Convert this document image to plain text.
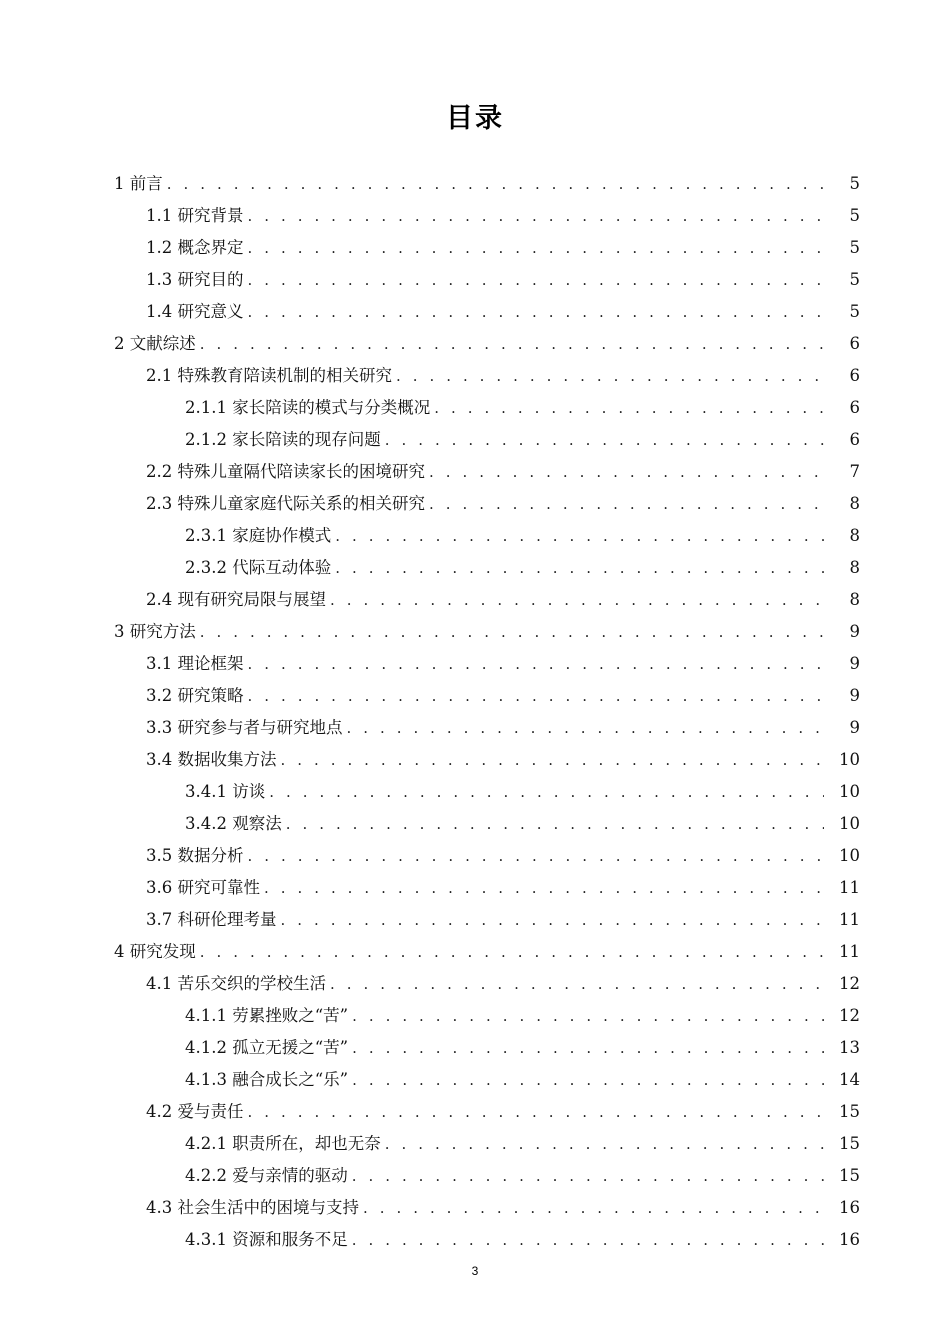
目录
1 前言 . . .	5
1.1 研究背景 . . .	5
1.2 概念界定 . . .	5
1.3 研究目的 . . .	5
1.4 研究意义 . . .	5
2 文献综述 . . .	6
2.1 特殊教育陪读机制的相关研究 . . .	6
2.1.1 家长陪读的模式与分类概况 . . .	6
2.1.2 家长陪读的现存问题 . . .	6
2.2 特殊儿童隔代陪读家长的困境研究 . . .	7
2.3 特殊儿童家庭代际关系的相关研究 . . .	8
2.3.1 家庭协作模式 . . .	8
2.3.2 代际互动体验 . . .	8
2.4 现有研究局限与展望 . . .	8
3 研究方法 . . .	9
3.1 理论框架 . . .	9
3.2 研究策略 . . .	9
3.3 研究参与者与研究地点 . . .	9
3.4 数据收集方法 . . .	10
3.4.1 访谈 . . .	10
3.4.2 观察法 . . .	10
3.5 数据分析 . . .	10
3.6 研究可靠性 . . .	11
3.7 科研伦理考量 . . .	11
4 研究发现 . . .	11
4.1 苦乐交织的学校生活 . . .	12
4.1.1 劳累挫败之“苦” . . .	12
4.1.2 孤立无援之“苦” . . .	13
4.1.3 融合成长之“乐” . . .	14
4.2 爱与责任 . . .	15
4.2.1 职责所在，却也无奈 . . .	15
4.2.2 爱与亲情的驱动 . . .	15
4.3 社会生活中的困境与支持 . . .	16
4.3.1 资源和服务不足 . . .	16
3
